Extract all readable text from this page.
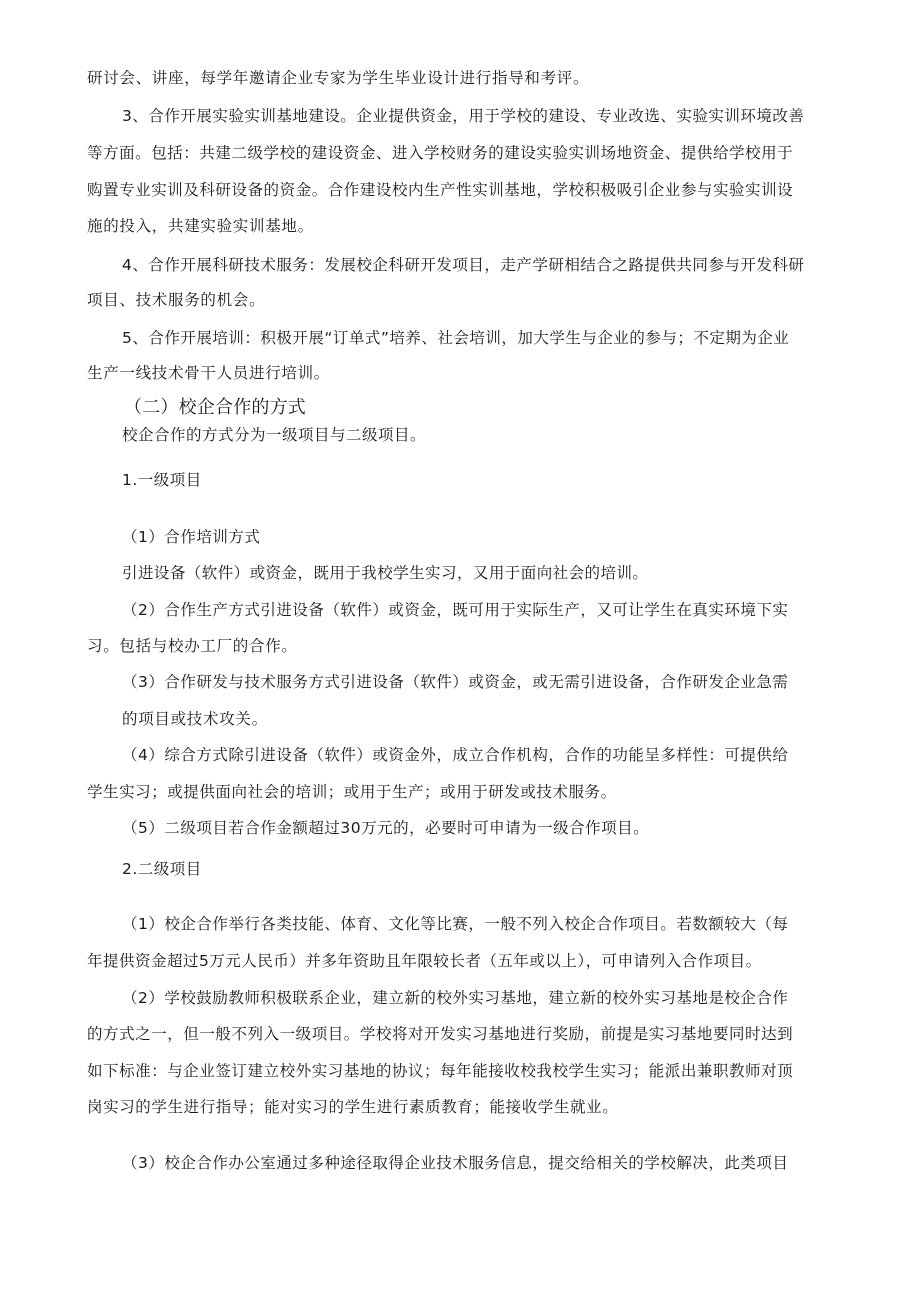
研讨会、讲座，每学年邀请企业专家为学生毕业设计进行指导和考评。
3、合作开展实验实训基地建设。企业提供资金，用于学校的建设、专业改选、实验实训环境改善
等方面。包括：共建二级学校的建设资金、进入学校财务的建设实验实训场地资金、提供给学校用于
购置专业实训及科研设备的资金。合作建设校内生产性实训基地，学校积极吸引企业参与实验实训设
施的投入，共建实验实训基地。
4、合作开展科研技术服务：发展校企科研开发项目，走产学研相结合之路提供共同参与开发科研
项目、技术服务的机会。
5、合作开展培训：积极开展“订单式”培养、社会培训，加大学生与企业的参与；不定期为企业
生产一线技术骨干人员进行培训。
（二）校企合作的方式
校企合作的方式分为一级项目与二级项目。
1.一级项目
（1）合作培训方式
引进设备（软件）或资金，既用于我校学生实习，又用于面向社会的培训。
（2）合作生产方式引进设备（软件）或资金，既可用于实际生产，又可让学生在真实环境下实
习。包括与校办工厂的合作。
（3）合作研发与技术服务方式引进设备（软件）或资金，或无需引进设备，合作研发企业急需
的项目或技术攻关。
（4）综合方式除引进设备（软件）或资金外，成立合作机构，合作的功能呈多样性：可提供给
学生实习；或提供面向社会的培训；或用于生产；或用于研发或技术服务。
（5）二级项目若合作金额超过30万元的，必要时可申请为一级合作项目。
2.二级项目
（1）校企合作举行各类技能、体育、文化等比赛，一般不列入校企合作项目。若数额较大（每
年提供资金超过5万元人民币）并多年资助且年限较长者（五年或以上），可申请列入合作项目。
（2）学校鼓励教师积极联系企业，建立新的校外实习基地，建立新的校外实习基地是校企合作
的方式之一，但一般不列入一级项目。学校将对开发实习基地进行奖励，前提是实习基地要同时达到
如下标准：与企业签订建立校外实习基地的协议；每年能接收校我校学生实习；能派出兼职教师对顶
岗实习的学生进行指导；能对实习的学生进行素质教育；能接收学生就业。
（3）校企合作办公室通过多种途径取得企业技术服务信息，提交给相关的学校解决，此类项目
